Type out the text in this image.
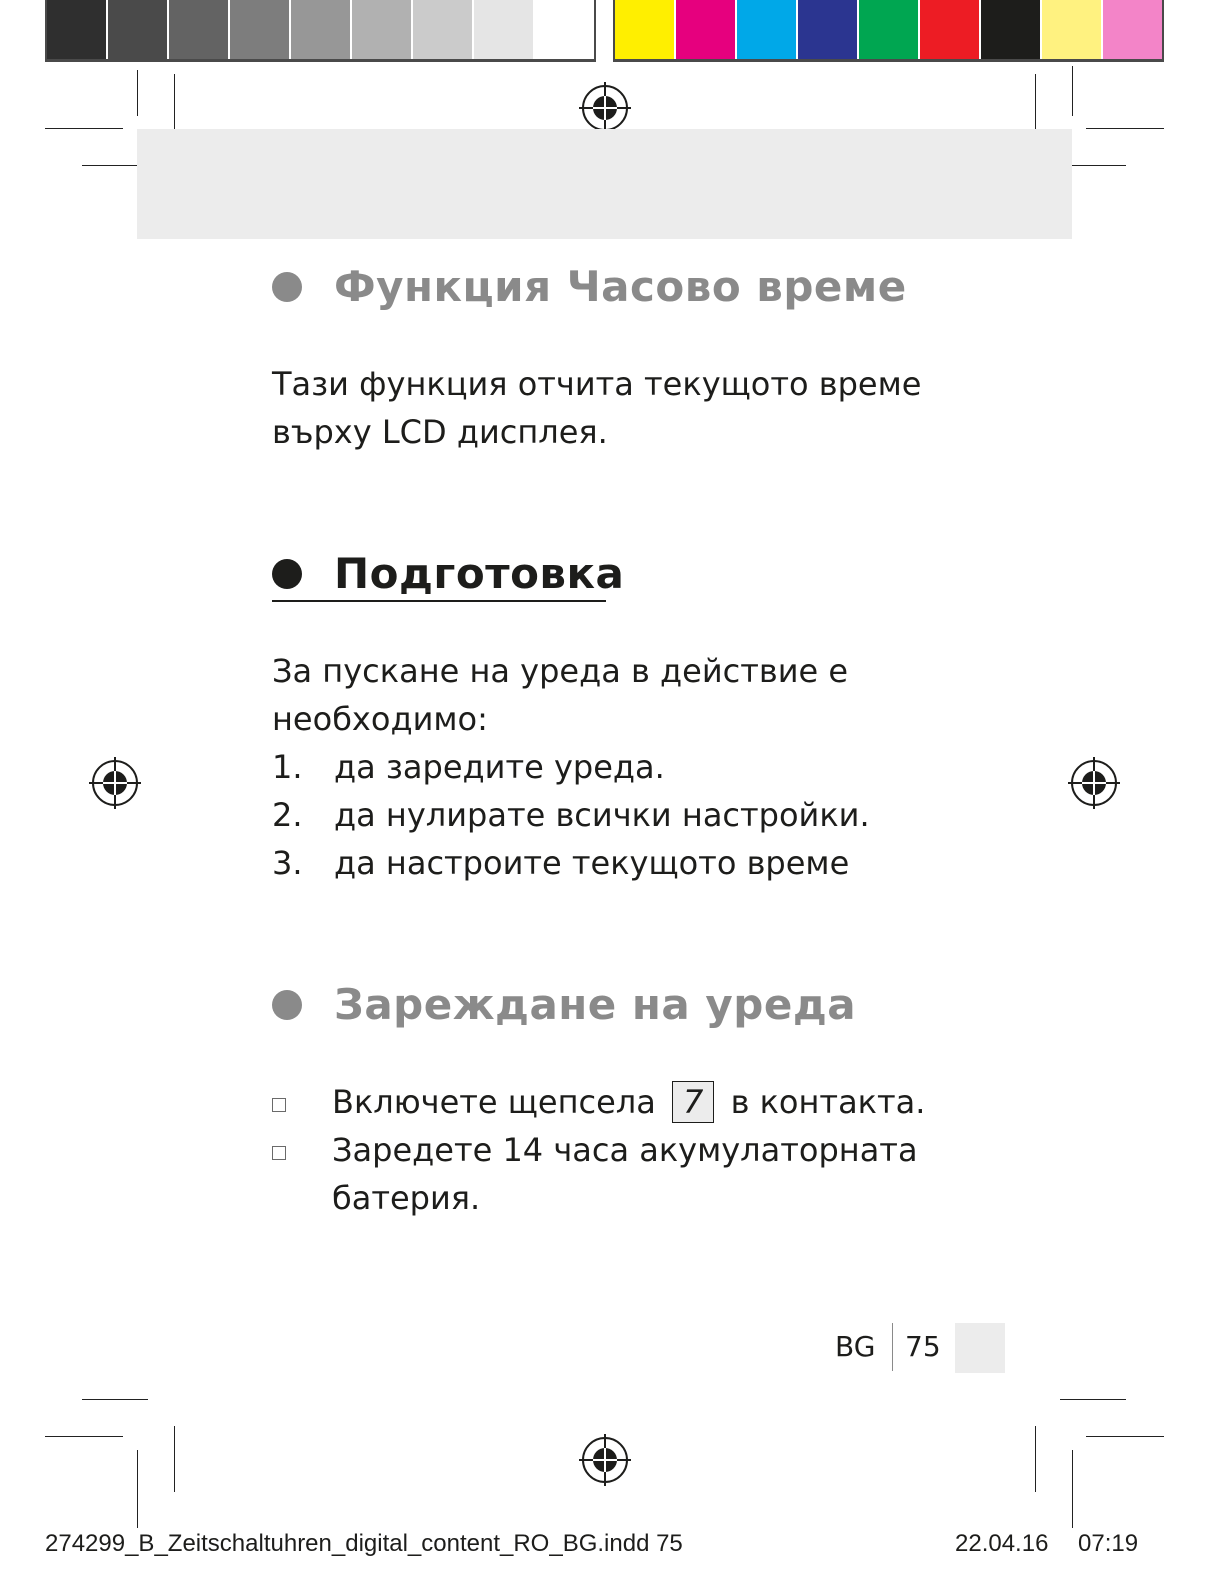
Функция Часово време
Тази функция отчита текущото време
върху LCD дисплея.
Подготовка
За пускане на уреда в действие е
необходимо:
1. да заредите уреда.
2. да нулирате всички настройки.
3. да настроите текущото време
Зареждане на уреда
Включете щепсела 7 в контакта.
Заредете 14 часа акумулаторната
батерия.
BG 75
274299_B_Zeitschaltuhren_digital_content_RO_BG.indd 75	22.04.16 07:19
